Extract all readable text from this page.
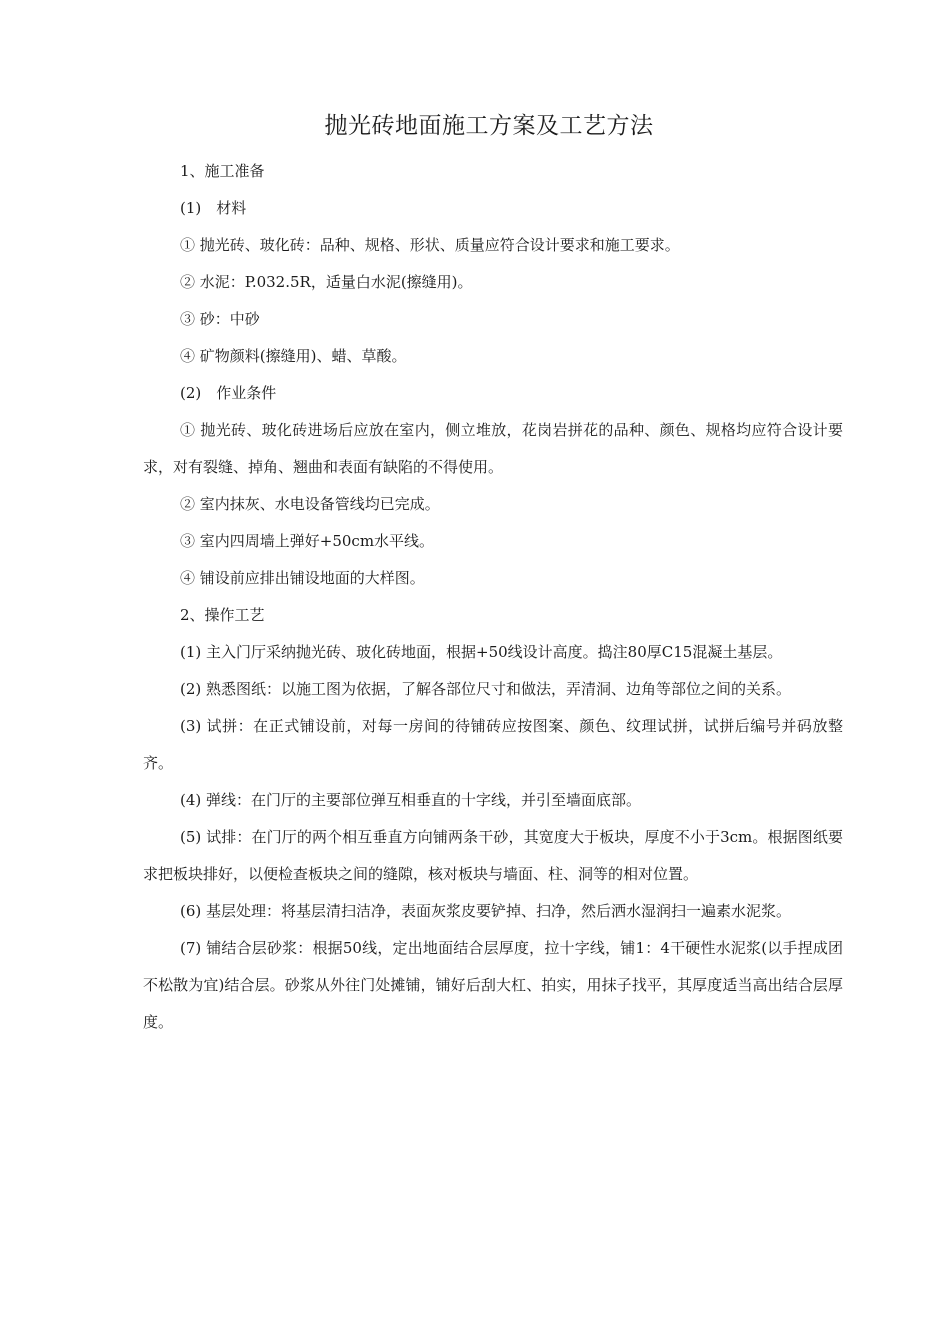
抛光砖地面施工方案及工艺方法

1、施工准备

(1)　材料

① 抛光砖、玻化砖：品种、规格、形状、质量应符合设计要求和施工要求。

② 水泥：P.032.5R，适量白水泥(擦缝用)。

③ 砂：中砂

④ 矿物颜料(擦缝用)、蜡、草酸。

(2)　作业条件

① 抛光砖、玻化砖进场后应放在室内，侧立堆放，花岗岩拼花的品种、颜色、规格均应符合设计要求，对有裂缝、掉角、翘曲和表面有缺陷的不得使用。

② 室内抹灰、水电设备管线均已完成。

③ 室内四周墙上弹好+50cm水平线。

④ 铺设前应排出铺设地面的大样图。

2、操作工艺

(1) 主入门厅采纳抛光砖、玻化砖地面，根据+50线设计高度。捣注80厚C15混凝土基层。

(2) 熟悉图纸：以施工图为依据，了解各部位尺寸和做法，弄清洞、边角等部位之间的关系。

(3) 试拼：在正式铺设前，对每一房间的待铺砖应按图案、颜色、纹理试拼，试拼后编号并码放整齐。

(4) 弹线：在门厅的主要部位弹互相垂直的十字线，并引至墙面底部。

(5) 试排：在门厅的两个相互垂直方向铺两条干砂，其宽度大于板块，厚度不小于3cm。根据图纸要求把板块排好，以便检查板块之间的缝隙，核对板块与墙面、柱、洞等的相对位置。

(6) 基层处理：将基层清扫洁净，表面灰浆皮要铲掉、扫净，然后洒水湿润扫一遍素水泥浆。

(7) 铺结合层砂浆：根据50线，定出地面结合层厚度，拉十字线，铺1：4干硬性水泥浆(以手捏成团不松散为宜)结合层。砂浆从外往门处摊铺，铺好后刮大杠、拍实，用抹子找平，其厚度适当高出结合层厚度。
